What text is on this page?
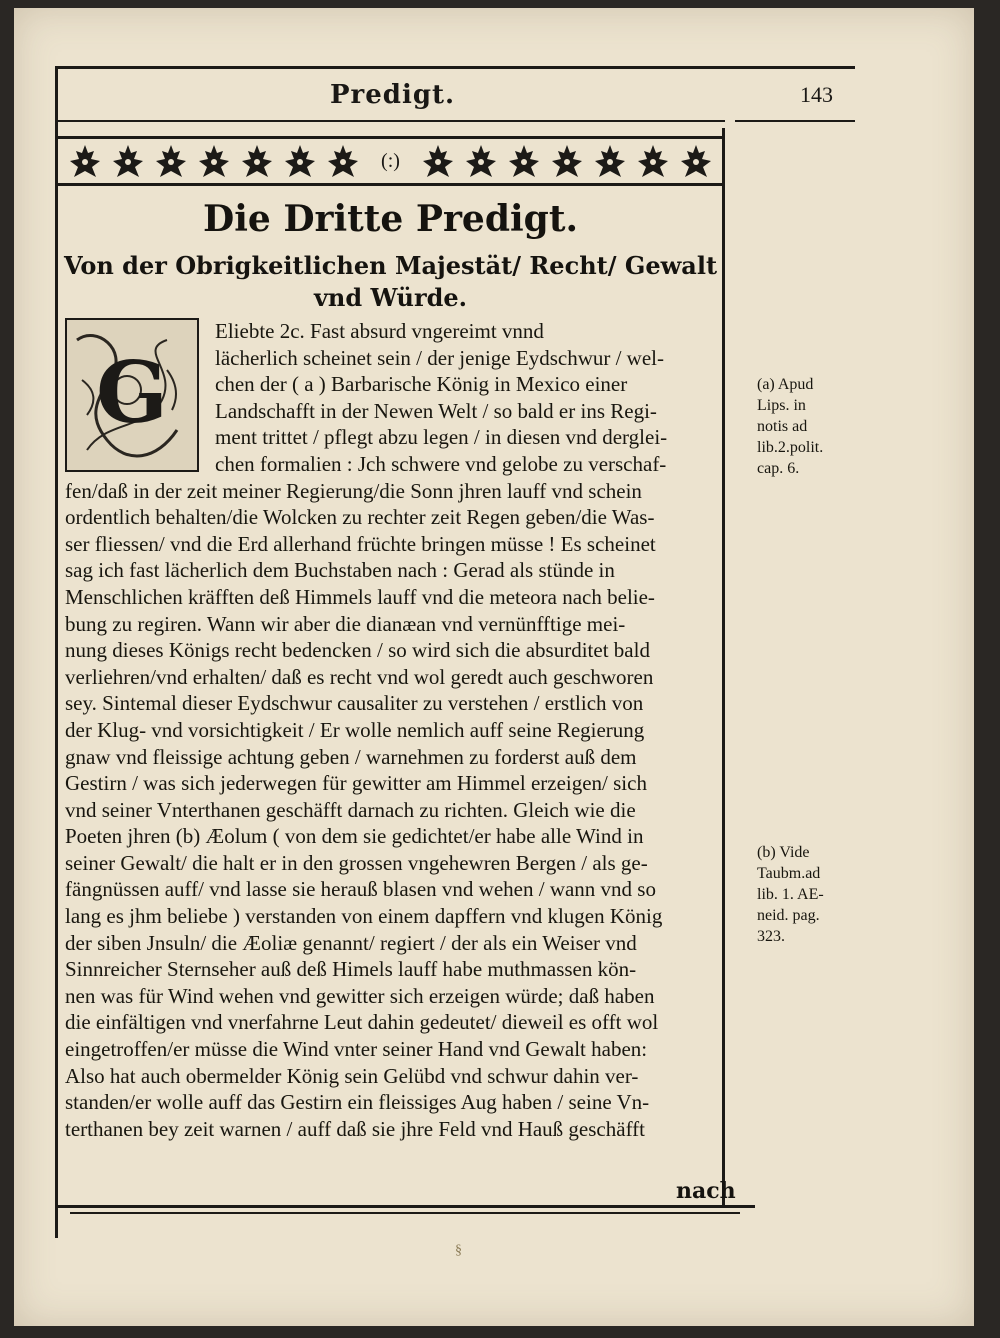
Predigt.	143
(:)
Die Dritte Predigt.
Von der Obrigkeitlichen Majestät/ Recht/ Gewalt
vnd Würde.
G
Eliebte 2c. Fast absurd vngereimt vnnd
lächerlich scheinet sein / der jenige Eydschwur / wel-
chen der ( a ) Barbarische König in Mexico einer
Landschafft in der Newen Welt / so bald er ins Regi-
ment trittet / pflegt abzu legen / in diesen vnd derglei-
chen formalien : Jch schwere vnd gelobe zu verschaf-
fen/daß in der zeit meiner Regierung/die Sonn jhren lauff vnd schein
ordentlich behalten/die Wolcken zu rechter zeit Regen geben/die Was-
ser fliessen/ vnd die Erd allerhand früchte bringen müsse ! Es scheinet
sag ich fast lächerlich dem Buchstaben nach : Gerad als stünde in
Menschlichen kräfften deß Himmels lauff vnd die meteora nach belie-
bung zu regiren. Wann wir aber die dianæan vnd vernünfftige mei-
nung dieses Königs recht bedencken / so wird sich die absurditet bald
verliehren/vnd erhalten/ daß es recht vnd wol geredt auch geschworen
sey. Sintemal dieser Eydschwur causaliter zu verstehen / erstlich von
der Klug- vnd vorsichtigkeit / Er wolle nemlich auff seine Regierung
gnaw vnd fleissige achtung geben / warnehmen zu forderst auß dem
Gestirn / was sich jederwegen für gewitter am Himmel erzeigen/ sich
vnd seiner Vnterthanen geschäfft darnach zu richten. Gleich wie die
Poeten jhren (b) Æolum ( von dem sie gedichtet/er habe alle Wind in
seiner Gewalt/ die halt er in den grossen vngehewren Bergen / als ge-
fängnüssen auff/ vnd lasse sie herauß blasen vnd wehen / wann vnd so
lang es jhm beliebe ) verstanden von einem dapffern vnd klugen König
der siben Jnsuln/ die Æoliæ genannt/ regiert / der als ein Weiser vnd
Sinnreicher Sternseher auß deß Himels lauff habe muthmassen kön-
nen was für Wind wehen vnd gewitter sich erzeigen würde; daß haben
die einfältigen vnd vnerfahrne Leut dahin gedeutet/ dieweil es offt wol
eingetroffen/er müsse die Wind vnter seiner Hand vnd Gewalt haben:
Also hat auch obermelder König sein Gelübd vnd schwur dahin ver-
standen/er wolle auff das Gestirn ein fleissiges Aug haben / seine Vn-
terthanen bey zeit warnen / auff daß sie jhre Feld vnd Hauß geschäfft
(a) Apud
Lips. in
notis ad
lib.2.polit.
cap. 6.
(b) Vide
Taubm.ad
lib. 1. AE-
neid. pag.
323.
nach
§
